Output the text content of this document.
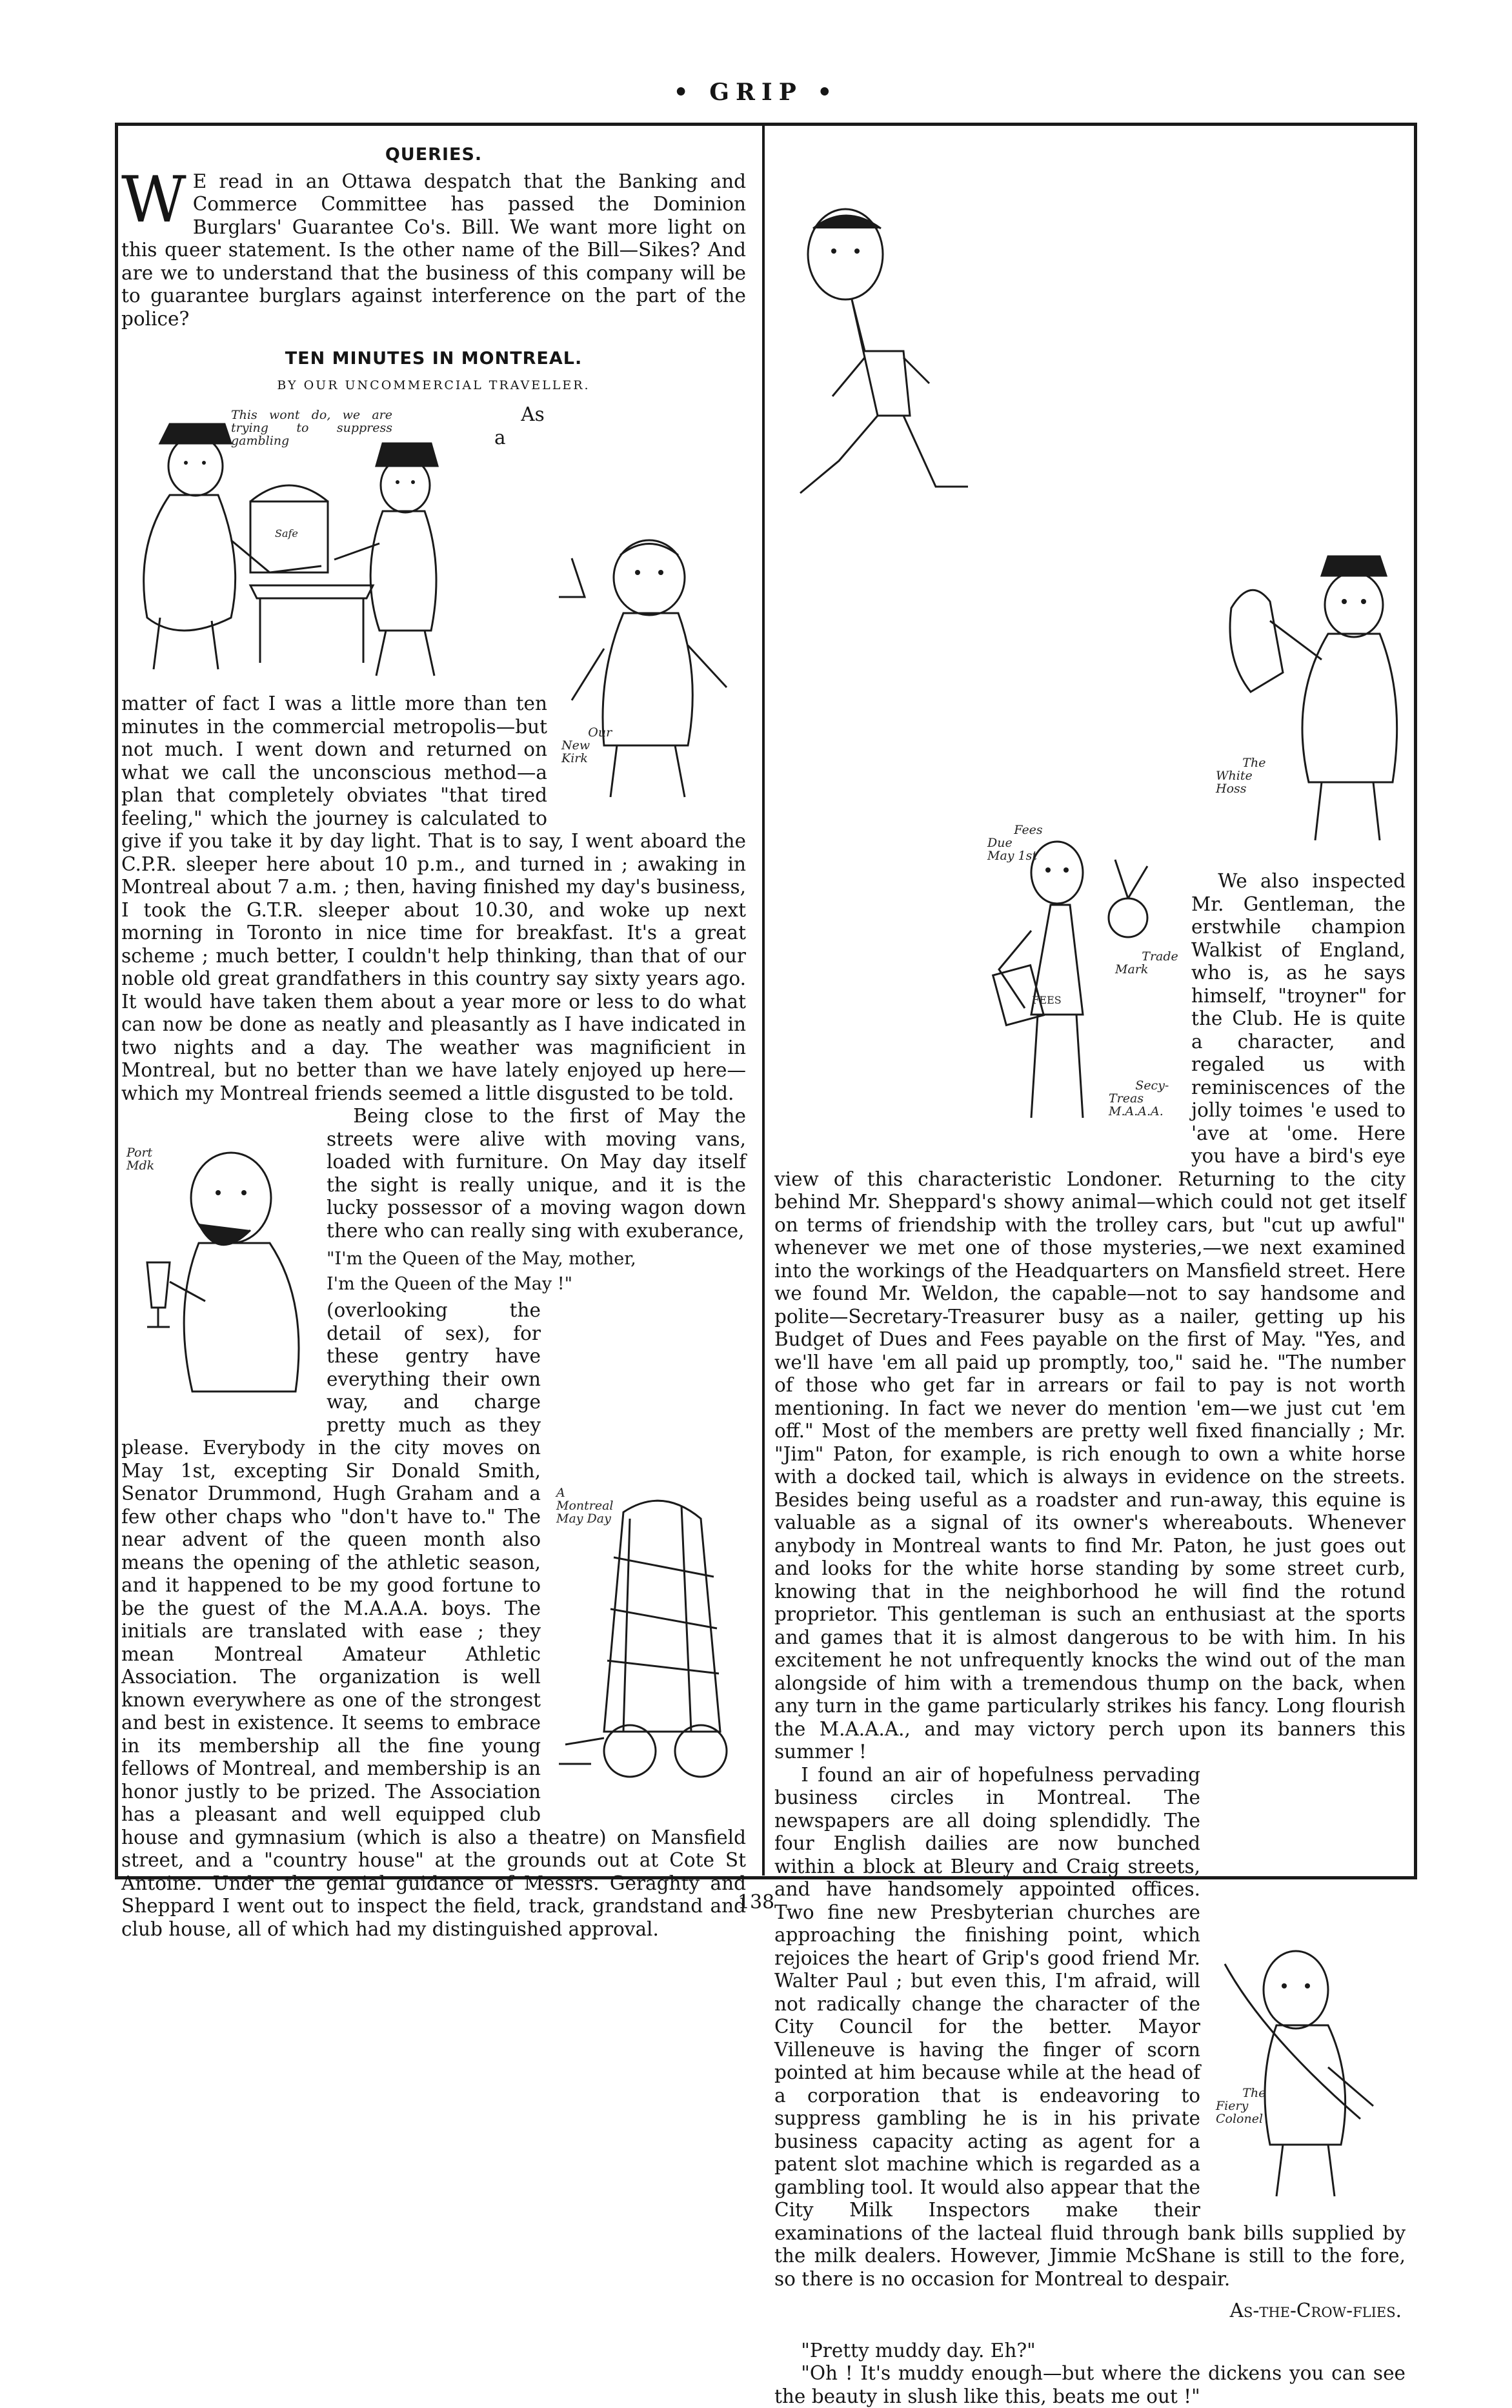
• GRIP •
QUERIES.

W E read in an Ottawa despatch that the Banking and Commerce Committee has passed the Dominion Burglars' Guarantee Co's. Bill. We want more light on this queer statement. Is the other name of the Bill—Sikes? And are we to understand that the business of this company will be to guarantee burglars against interference on the part of the police?

TEN MINUTES IN MONTREAL.
BY OUR UNCOMMERCIAL TRAVELLER.
This wont do, we are trying to suppress gambling
Safe

Our New Kirk
As a matter of fact I was a little more than ten minutes in the commercial metropolis—but not much. I went down and returned on what we call the unconscious method—a plan that completely obviates "that tired feeling," which the journey is calculated to give if you take it by day light. That is to say, I went aboard the C.P.R. sleeper here about 10 p.m., and turned in ; awaking in Montreal about 7 a.m. ; then, having finished my day's business, I took the G.T.R. sleeper about 10.30, and woke up next morning in Toronto in nice time for breakfast. It's a great scheme ; much better, I couldn't help thinking, than that of our noble old great grandfathers in this country say sixty years ago. It would have taken them about a year more or less to do what can now be done as neatly and pleasantly as I have indicated in two nights and a day. The weather was magnificient in Montreal, but no better than we have lately enjoyed up here—which my Montreal friends seemed a little disgusted to be told.

Port Mdk

Being close to the first of May the streets were alive with moving vans, loaded with furniture. On May day itself the sight is really unique, and it is the lucky possessor of a moving wagon down there who can really sing with exuberance,

"I'm the Queen of the May, mother,

I'm the Queen of the May !"

A Montreal May Day
(overlooking the detail of sex), for these gentry have everything their own way, and charge pretty much as they please. Everybody in the city moves on May 1st, excepting Sir Donald Smith, Senator Drummond, Hugh Graham and a few other chaps who "don't have to." The near advent of the queen month also means the opening of the athletic season, and it happened to be my good fortune to be the guest of the M.A.A.A. boys. The initials are translated with ease ; they mean Montreal Amateur Athletic Association. The organization is well known everywhere as one of the strongest and best in existence. It seems to embrace in its membership all the fine young fellows of Montreal, and membership is an honor justly to be prized. The Association has a pleasant and well equipped club house and gymnasium (which is also a theatre) on Mansfield street, and a "country house" at the grounds out at Cote St Antoine. Under the genial guidance of Messrs. Geraghty and Sheppard I went out to inspect the field, track, grandstand and club house, all of which had my distinguished approval.

The White Hoss
Fees Due May 1st
FEES
Trade Mark
Secy-Treas M.A.A.A.
We also inspected Mr. Gentleman, the erstwhile champion Walkist of England, who is, as he says himself, "troyner" for the Club. He is quite a character, and regaled us with reminiscences of the jolly toimes 'e used to 'ave at 'ome. Here you have a bird's eye view of this characteristic Londoner. Returning to the city behind Mr. Sheppard's showy animal—which could not get itself on terms of friendship with the trolley cars, but "cut up awful" whenever we met one of those mysteries,—we next examined into the workings of the Headquarters on Mansfield street. Here we found Mr. Weldon, the capable—not to say handsome and polite—Secretary-Treasurer busy as a nailer, getting up his Budget of Dues and Fees payable on the first of May. "Yes, and we'll have 'em all paid up promptly, too," said he. "The number of those who get far in arrears or fail to pay is not worth mentioning. In fact we never do mention 'em—we just cut 'em off." Most of the members are pretty well fixed financially ; Mr. "Jim" Paton, for example, is rich enough to own a white horse with a docked tail, which is always in evidence on the streets. Besides being useful as a roadster and run-away, this equine is valuable as a signal of its owner's whereabouts. Whenever anybody in Montreal wants to find Mr. Paton, he just goes out and looks for the white horse standing by some street curb, knowing that in the neighborhood he will find the rotund proprietor. This gentleman is such an enthusiast at the sports and games that it is almost dangerous to be with him. In his excitement he not unfrequently knocks the wind out of the man alongside of him with a tremendous thump on the back, when any turn in the game particularly strikes his fancy. Long flourish the M.A.A.A., and may victory perch upon its banners this summer !

The Fiery Colonel
I found an air of hopefulness pervading business circles in Montreal. The newspapers are all doing splendidly. The four English dailies are now bunched within a block at Bleury and Craig streets, and have handsomely appointed offices. Two fine new Presbyterian churches are approaching the finishing point, which rejoices the heart of Grip's good friend Mr. Walter Paul ; but even this, I'm afraid, will not radically change the character of the City Council for the better. Mayor Villeneuve is having the finger of scorn pointed at him because while at the head of a corporation that is endeavoring to suppress gambling he is in his private business capacity acting as agent for a patent slot machine which is regarded as a gambling tool. It would also appear that the City Milk Inspectors make their examinations of the lacteal fluid through bank bills supplied by the milk dealers. However, Jimmie McShane is still to the fore, so there is no occasion for Montreal to despair.

As-the-Crow-flies.

"Pretty muddy day. Eh?"

"Oh ! It's muddy enough—but where the dickens you can see the beauty in slush like this, beats me out !"

138
